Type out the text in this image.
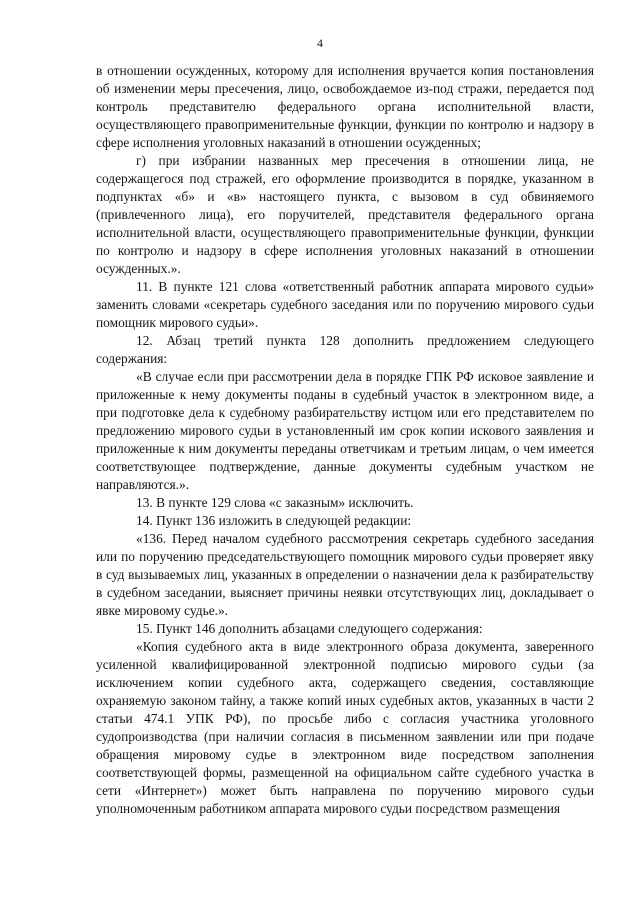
4

в отношении осужденных, которому для исполнения вручается копия постановления об изменении меры пресечения, лицо, освобождаемое из-под стражи, передается под контроль представителю федерального органа исполнительной власти, осуществляющего правоприменительные функции, функции по контролю и надзору в сфере исполнения уголовных наказаний в отношении осужденных;

г) при избрании названных мер пресечения в отношении лица, не содержащегося под стражей, его оформление производится в порядке, указанном в подпунктах «б» и «в» настоящего пункта, с вызовом в суд обвиняемого (привлеченного лица), его поручителей, представителя федерального органа исполнительной власти, осуществляющего правоприменительные функции, функции по контролю и надзору в сфере исполнения уголовных наказаний в отношении осужденных.».

11. В пункте 121 слова «ответственный работник аппарата мирового судьи» заменить словами «секретарь судебного заседания или по поручению мирового судьи помощник мирового судьи».

12. Абзац третий пункта 128 дополнить предложением следующего содержания:

«В случае если при рассмотрении дела в порядке ГПК РФ исковое заявление и приложенные к нему документы поданы в судебный участок в электронном виде, а при подготовке дела к судебному разбирательству истцом или его представителем по предложению мирового судьи в установленный им срок копии искового заявления и приложенные к ним документы переданы ответчикам и третьим лицам, о чем имеется соответствующее подтверждение, данные документы судебным участком не направляются.».

13. В пункте 129 слова «с заказным» исключить.

14. Пункт 136 изложить в следующей редакции:

«136. Перед началом судебного рассмотрения секретарь судебного заседания или по поручению председательствующего помощник мирового судьи проверяет явку в суд вызываемых лиц, указанных в определении о назначении дела к разбирательству в судебном заседании, выясняет причины неявки отсутствующих лиц, докладывает о явке мировому судье.».

15. Пункт 146 дополнить абзацами следующего содержания:

«Копия судебного акта в виде электронного образа документа, заверенного усиленной квалифицированной электронной подписью мирового судьи (за исключением копии судебного акта, содержащего сведения, составляющие охраняемую законом тайну, а также копий иных судебных актов, указанных в части 2 статьи 474.1 УПК РФ), по просьбе либо с согласия участника уголовного судопроизводства (при наличии согласия в письменном заявлении или при подаче обращения мировому судье в электронном виде посредством заполнения соответствующей формы, размещенной на официальном сайте судебного участка в сети «Интернет») может быть направлена по поручению мирового судьи уполномоченным работником аппарата мирового судьи посредством размещения
